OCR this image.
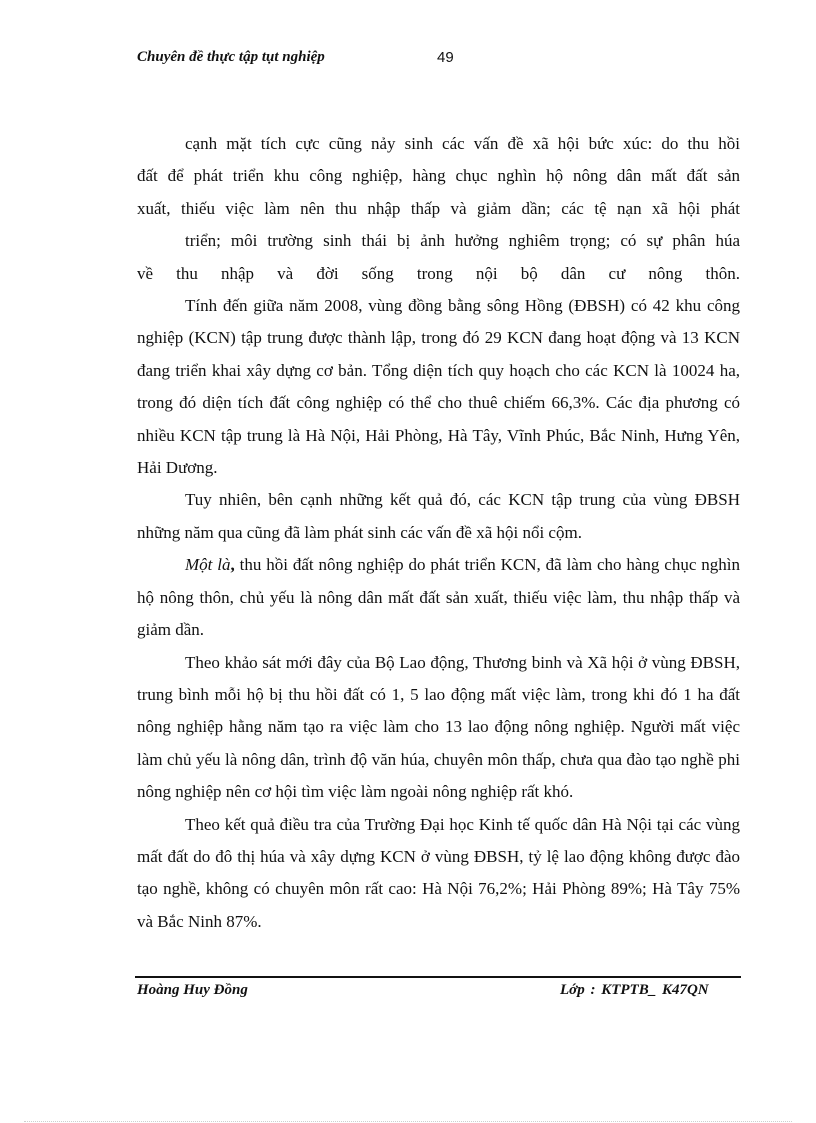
Chuyên đề thực tập tụt nghiệp	49

cạnh mặt tích cực cũng nảy sinh các vấn đề xã hội bức xúc: do thu hồi

đất để phát triển khu công nghiệp, hàng chục nghìn hộ nông dân mất đất sản

xuất, thiếu việc làm nên thu nhập thấp và giảm dần; các tệ nạn xã hội phát

triển; môi trường sinh thái bị ảnh hưởng nghiêm trọng; có sự phân húa

về thu nhập và đời sống trong nội bộ dân cư nông thôn.

Tính đến giữa năm 2008, vùng đồng bằng sông Hồng (ĐBSH) có 42 khu công nghiệp (KCN) tập trung được thành lập, trong đó 29 KCN đang hoạt động và 13 KCN đang triển khai xây dựng cơ bản. Tổng diện tích quy hoạch cho các KCN là 10024 ha, trong đó diện tích đất công nghiệp có thể cho thuê chiếm 66,3%. Các địa phương có nhiều KCN tập trung là Hà Nội, Hải Phòng, Hà Tây, Vĩnh Phúc, Bắc Ninh, Hưng Yên, Hải Dương.

Tuy nhiên, bên cạnh những kết quả đó, các KCN tập trung của vùng ĐBSH những năm qua cũng đã làm phát sinh các vấn đề xã hội nổi cộm.

Một là, thu hồi đất nông nghiệp do phát triển KCN, đã làm cho hàng chục nghìn hộ nông thôn, chủ yếu là nông dân mất đất sản xuất, thiếu việc làm, thu nhập thấp và giảm dần.

Theo khảo sát mới đây của Bộ Lao động, Thương binh và Xã hội ở vùng ĐBSH, trung bình mỗi hộ bị thu hồi đất có 1, 5 lao động mất việc làm, trong khi đó 1 ha đất nông nghiệp hằng năm tạo ra việc làm cho 13 lao động nông nghiệp. Người mất việc làm chủ yếu là nông dân, trình độ văn húa, chuyên môn thấp, chưa qua đào tạo nghề phi nông nghiệp nên cơ hội tìm việc làm ngoài nông nghiệp rất khó.

Theo kết quả điều tra của Trường Đại học Kinh tế quốc dân Hà Nội tại các vùng mất đất do đô thị húa và xây dựng KCN ở vùng ĐBSH, tỷ lệ lao động không được đào tạo nghề, không có chuyên môn rất cao: Hà Nội 76,2%; Hải Phòng 89%; Hà Tây 75% và Bắc Ninh 87%.

Hoàng Huy Đồng	Lớp : KTPTB_ K47QN
